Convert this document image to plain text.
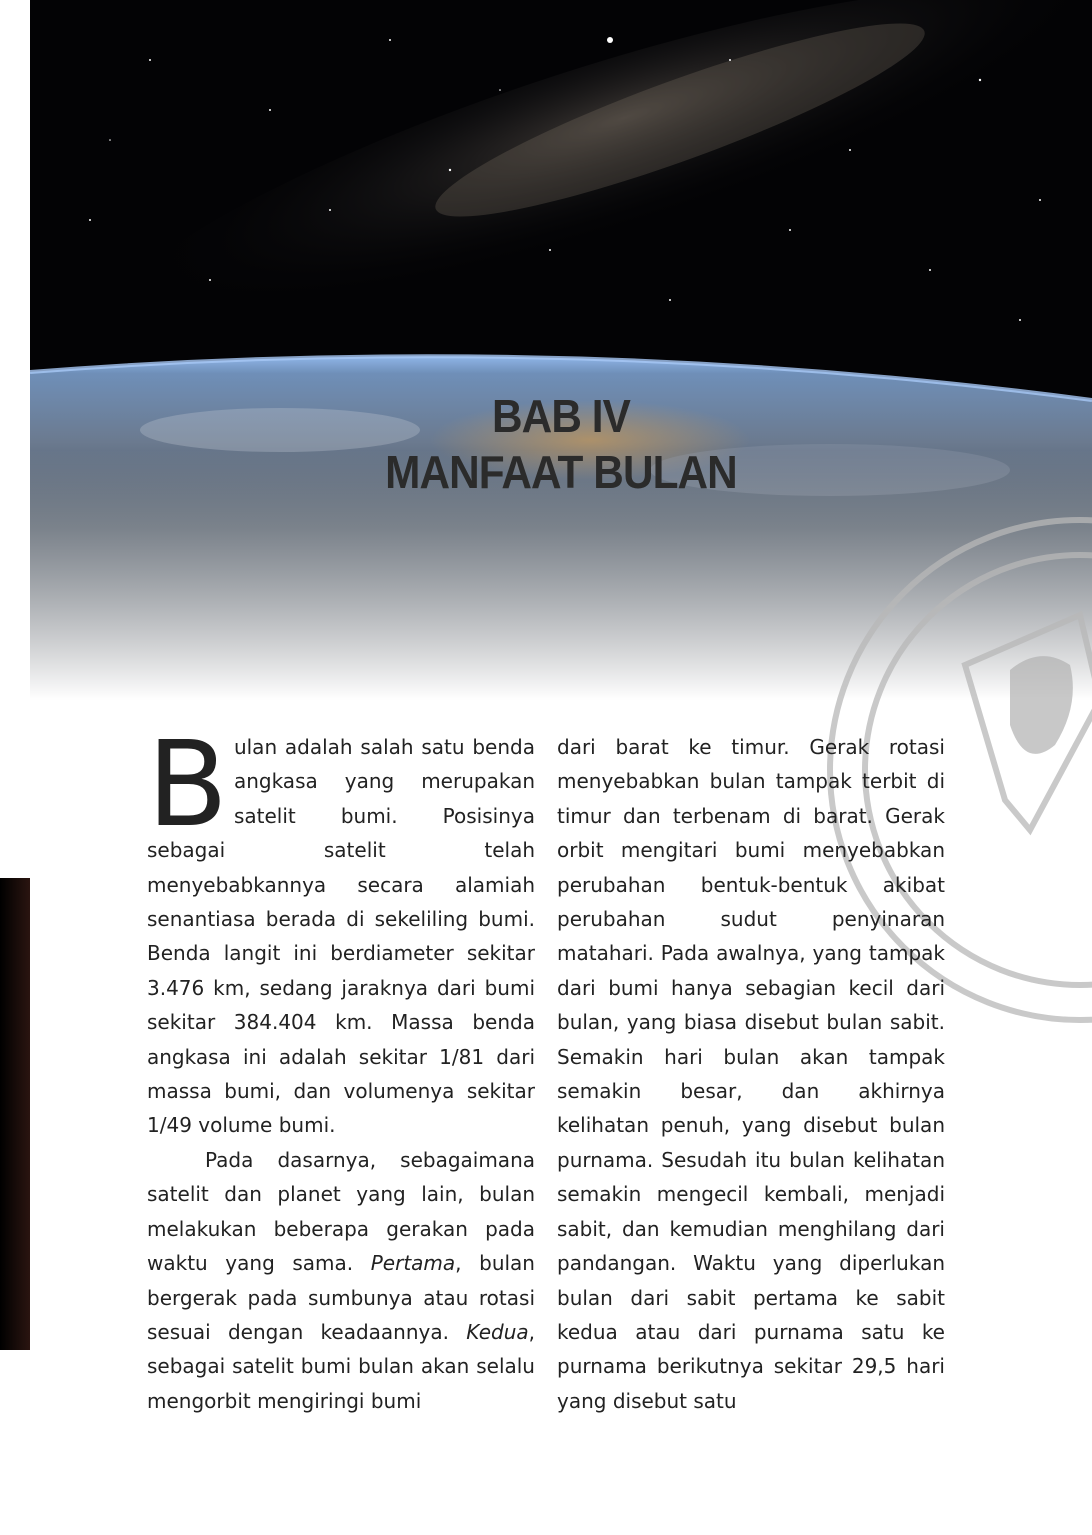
BAB IV
MANFAAT BULAN

Bulan adalah salah satu benda angkasa yang merupakan satelit bumi. Posisinya sebagai satelit telah menyebabkannya secara alamiah senantiasa berada di sekeliling bumi. Benda langit ini berdiameter sekitar 3.476 km, sedang jaraknya dari bumi sekitar 384.404 km. Massa benda angkasa ini adalah sekitar 1/81 dari massa bumi, dan volumenya sekitar 1/49 volume bumi.

Pada dasarnya, sebagaimana satelit dan planet yang lain, bulan melakukan beberapa gerakan pada waktu yang sama. Pertama, bulan bergerak pada sumbunya atau rotasi sesuai dengan keadaannya. Kedua, sebagai satelit bumi bulan akan selalu mengorbit mengiringi bumi

dari barat ke timur. Gerak rotasi menyebabkan bulan tampak terbit di timur dan terbenam di barat. Gerak orbit mengitari bumi menyebabkan perubahan bentuk-bentuk akibat perubahan sudut penyinaran matahari. Pada awalnya, yang tampak dari bumi hanya sebagian kecil dari bulan, yang biasa disebut bulan sabit. Semakin hari bulan akan tampak semakin besar, dan akhirnya kelihatan penuh, yang disebut bulan purnama. Sesudah itu bulan kelihatan semakin mengecil kembali, menjadi sabit, dan kemudian menghilang dari pandangan. Waktu yang diperlukan bulan dari sabit pertama ke sabit kedua atau dari purnama satu ke purnama berikutnya sekitar 29,5 hari yang disebut satu
